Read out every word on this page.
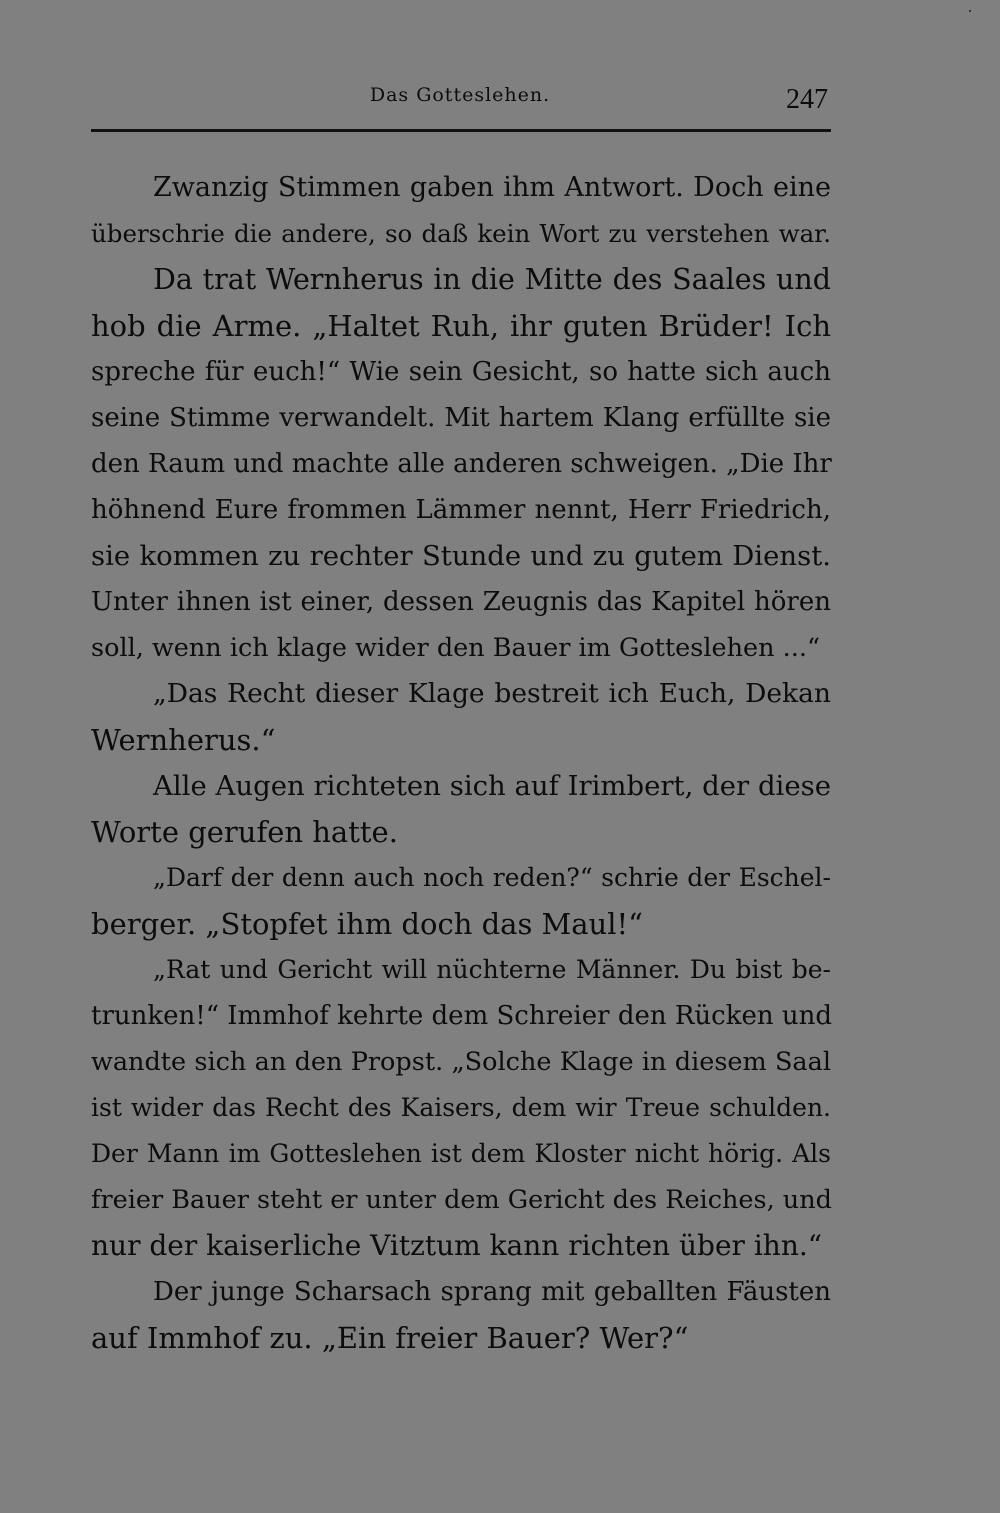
Das Gotteslehen.	247
Zwanzig Stimmen gaben ihm Antwort. Doch eine
überschrie die andere, so daß kein Wort zu verstehen war.
Da trat Wernherus in die Mitte des Saales und
hob die Arme. „Haltet Ruh, ihr guten Brüder! Ich
spreche für euch!“ Wie sein Gesicht, so hatte sich auch
seine Stimme verwandelt. Mit hartem Klang erfüllte sie
den Raum und machte alle anderen schweigen. „Die Ihr
höhnend Eure frommen Lämmer nennt, Herr Friedrich,
sie kommen zu rechter Stunde und zu gutem Dienst.
Unter ihnen ist einer, dessen Zeugnis das Kapitel hören
soll, wenn ich klage wider den Bauer im Gotteslehen ...“
„Das Recht dieser Klage bestreit ich Euch, Dekan
Wernherus.“
Alle Augen richteten sich auf Irimbert, der diese
Worte gerufen hatte.
„Darf der denn auch noch reden?“ schrie der Eschel-
berger. „Stopfet ihm doch das Maul!“
„Rat und Gericht will nüchterne Männer. Du bist be-
trunken!“ Immhof kehrte dem Schreier den Rücken und
wandte sich an den Propst. „Solche Klage in diesem Saal
ist wider das Recht des Kaisers, dem wir Treue schulden.
Der Mann im Gotteslehen ist dem Kloster nicht hörig. Als
freier Bauer steht er unter dem Gericht des Reiches, und
nur der kaiserliche Vitztum kann richten über ihn.“
Der junge Scharsach sprang mit geballten Fäusten
auf Immhof zu. „Ein freier Bauer? Wer?“
